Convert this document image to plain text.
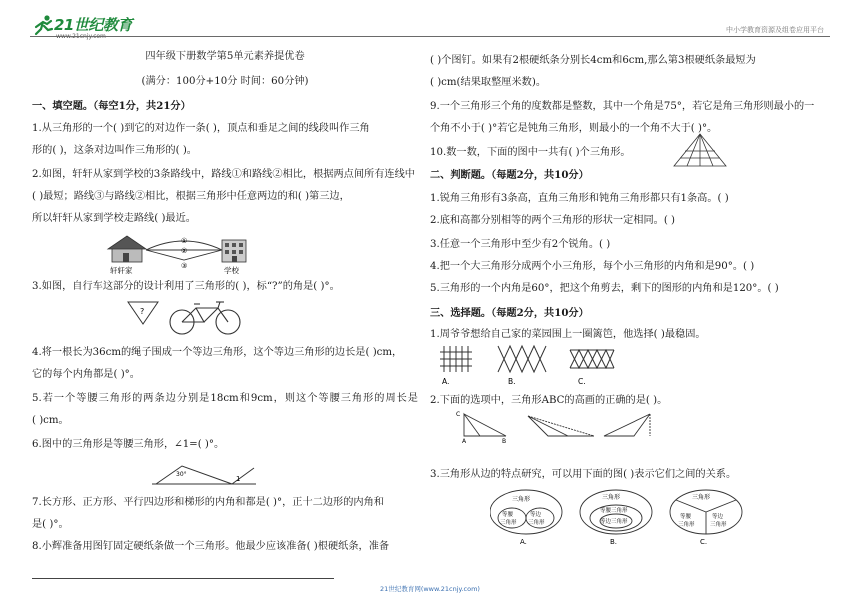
21世纪教育
www.21cnjy.com
中小学教育资源及组卷应用平台
四年级下册数学第5单元素养提优卷
(满分：100分+10分 时间：60分钟)
一、填空题。（每空1分，共21分）
1.从三角形的一个( )到它的对边作一条( )，顶点和垂足之间的线段叫作三角
形的( )，这条对边叫作三角形的( )。
2.如图，轩轩从家到学校的3条路线中，路线①和路线②相比，根据两点间所有连线中
( )最短；路线③与路线②相比，根据三角形中任意两边的和( )第三边，
所以轩轩从家到学校走路线( )最近。
①
②
③
轩轩家	学校
3.如图，自行车这部分的设计利用了三角形的( )，标“?”的角是( )°。
?
4.将一根长为36cm的绳子围成一个等边三角形，这个等边三角形的边长是( )cm，
它的每个内角都是( )°。
5.若一个等腰三角形的两条边分别是18cm和9cm，则这个等腰三角形的周长是
( )cm。
6.图中的三角形是等腰三角形，∠1=( )°。
30°
1
7.长方形、正方形、平行四边形和梯形的内角和都是( )°，正十二边形的内角和
是( )°。
8.小辉准备用图钉固定硬纸条做一个三角形。他最少应该准备( )根硬纸条，准备
( )个图钉。如果有2根硬纸条分别长4cm和6cm,那么第3根硬纸条最短为
( )cm(结果取整厘米数)。
9.一个三角形三个角的度数都是整数，其中一个角是75°，若它是角三角形则最小的一
个角不小于( )°若它是钝角三角形，则最小的一个角不大于( )°。
10.数一数，下面的图中一共有( )个三角形。
二、判断题。（每题2分，共10分）
1.锐角三角形有3条高，直角三角形和钝角三角形都只有1条高。( )
2.底和高都分别相等的两个三角形的形状一定相同。( )
3.任意一个三角形中至少有2个锐角。( )
4.把一个大三角形分成两个小三角形，每个小三角形的内角和是90°。( )
5.三角形的一个内角是60°，把这个角剪去，剩下的图形的内角和是120°。( )
三、选择题。（每题2分，共10分）
1.周爷爷想给自己家的菜园围上一圈篱笆，他选择( )最稳固。
A.	B.	C.
2.下面的选项中，三角形ABC的高画的正确的是( )。
C
A	B
3.三角形从边的特点研究，可以用下面的图( )表示它们之间的关系。
三角形
等腰
三角形
等边
三角形
三角形
等腰三角形
等边三角形
三角形
等腰
三角形
等边
三角形
A.	B.	C.
21世纪教育网(www.21cnjy.com)
